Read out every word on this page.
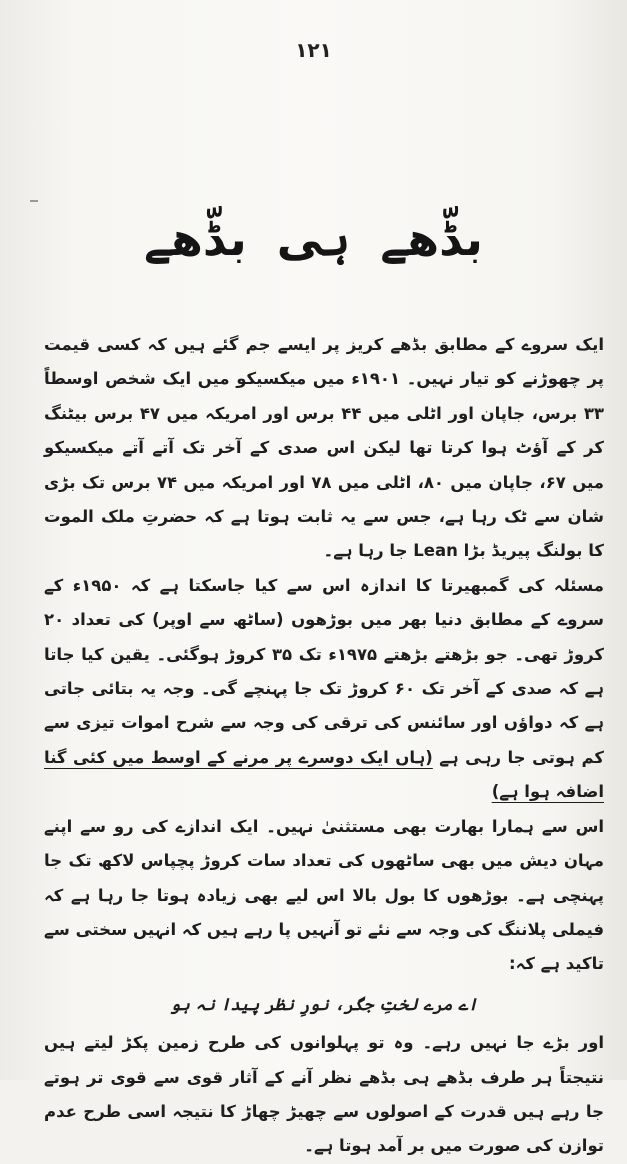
١٢١
بڈّھے ہی بڈّھے

ایک سروے کے مطابق بڈھے کریز پر ایسے جم گئے ہیں کہ کسی قیمت پر چھوڑنے کو تیار نہیں۔ ۱۹۰۱ء میں میکسیکو میں ایک شخص اوسطاً ۳۳ برس، جاپان اور اٹلی میں ۴۴ برس اور امریکہ میں ۴۷ برس بیٹنگ کر کے آؤٹ ہوا کرتا تھا لیکن اس صدی کے آخر تک آتے آتے میکسیکو میں ۶۷، جاپان میں ۸۰، اٹلی میں ۷۸ اور امریکہ میں ۷۴ برس تک بڑی شان سے ٹک رہا ہے، جس سے یہ ثابت ہوتا ہے کہ حضرتِ ملک الموت کا بولنگ پیریڈ بڑا Lean جا رہا ہے۔

مسئلہ کی گمبھیرتا کا اندازہ اس سے کیا جاسکتا ہے کہ ۱۹۵۰ء کے سروے کے مطابق دنیا بھر میں بوڑھوں (ساٹھ سے اوپر) کی تعداد ۲۰ کروڑ تھی۔ جو بڑھتے بڑھتے ۱۹۷۵ء تک ۳۵ کروڑ ہوگئی۔ یقین کیا جاتا ہے کہ صدی کے آخر تک ۶۰ کروڑ تک جا پہنچے گی۔ وجہ یہ بتائی جاتی ہے کہ دواؤں اور سائنس کی ترقی کی وجہ سے شرح اموات تیزی سے کم ہوتی جا رہی ہے (ہاں ایک دوسرے پر مرنے کے اوسط میں کئی گنا اضافہ ہوا ہے)

اس سے ہمارا بھارت بھی مستثنیٰ نہیں۔ ایک اندازے کی رو سے اپنے مہان دیش میں بھی ساٹھوں کی تعداد سات کروڑ پچپاس لاکھ تک جا پہنچی ہے۔ بوڑھوں کا بول بالا اس لیے بھی زیادہ ہوتا جا رہا ہے کہ فیملی پلاننگ کی وجہ سے نئے تو آنہیں پا رہے ہیں کہ انہیں سختی سے تاکید ہے کہ:

اے مرے لختِ جگر، نورِ نظر پیدا نہ ہو

اور بڑے جا نہیں رہے۔ وہ تو پہلوانوں کی طرح زمین پکڑ لیتے ہیں نتیجتاً ہر طرف بڈھے ہی بڈھے نظر آنے کے آثار قوی سے قوی تر ہوتے جا رہے ہیں قدرت کے اصولوں سے چھیڑ چھاڑ کا نتیجہ اسی طرح عدم توازن کی صورت میں بر آمد ہوتا ہے۔
